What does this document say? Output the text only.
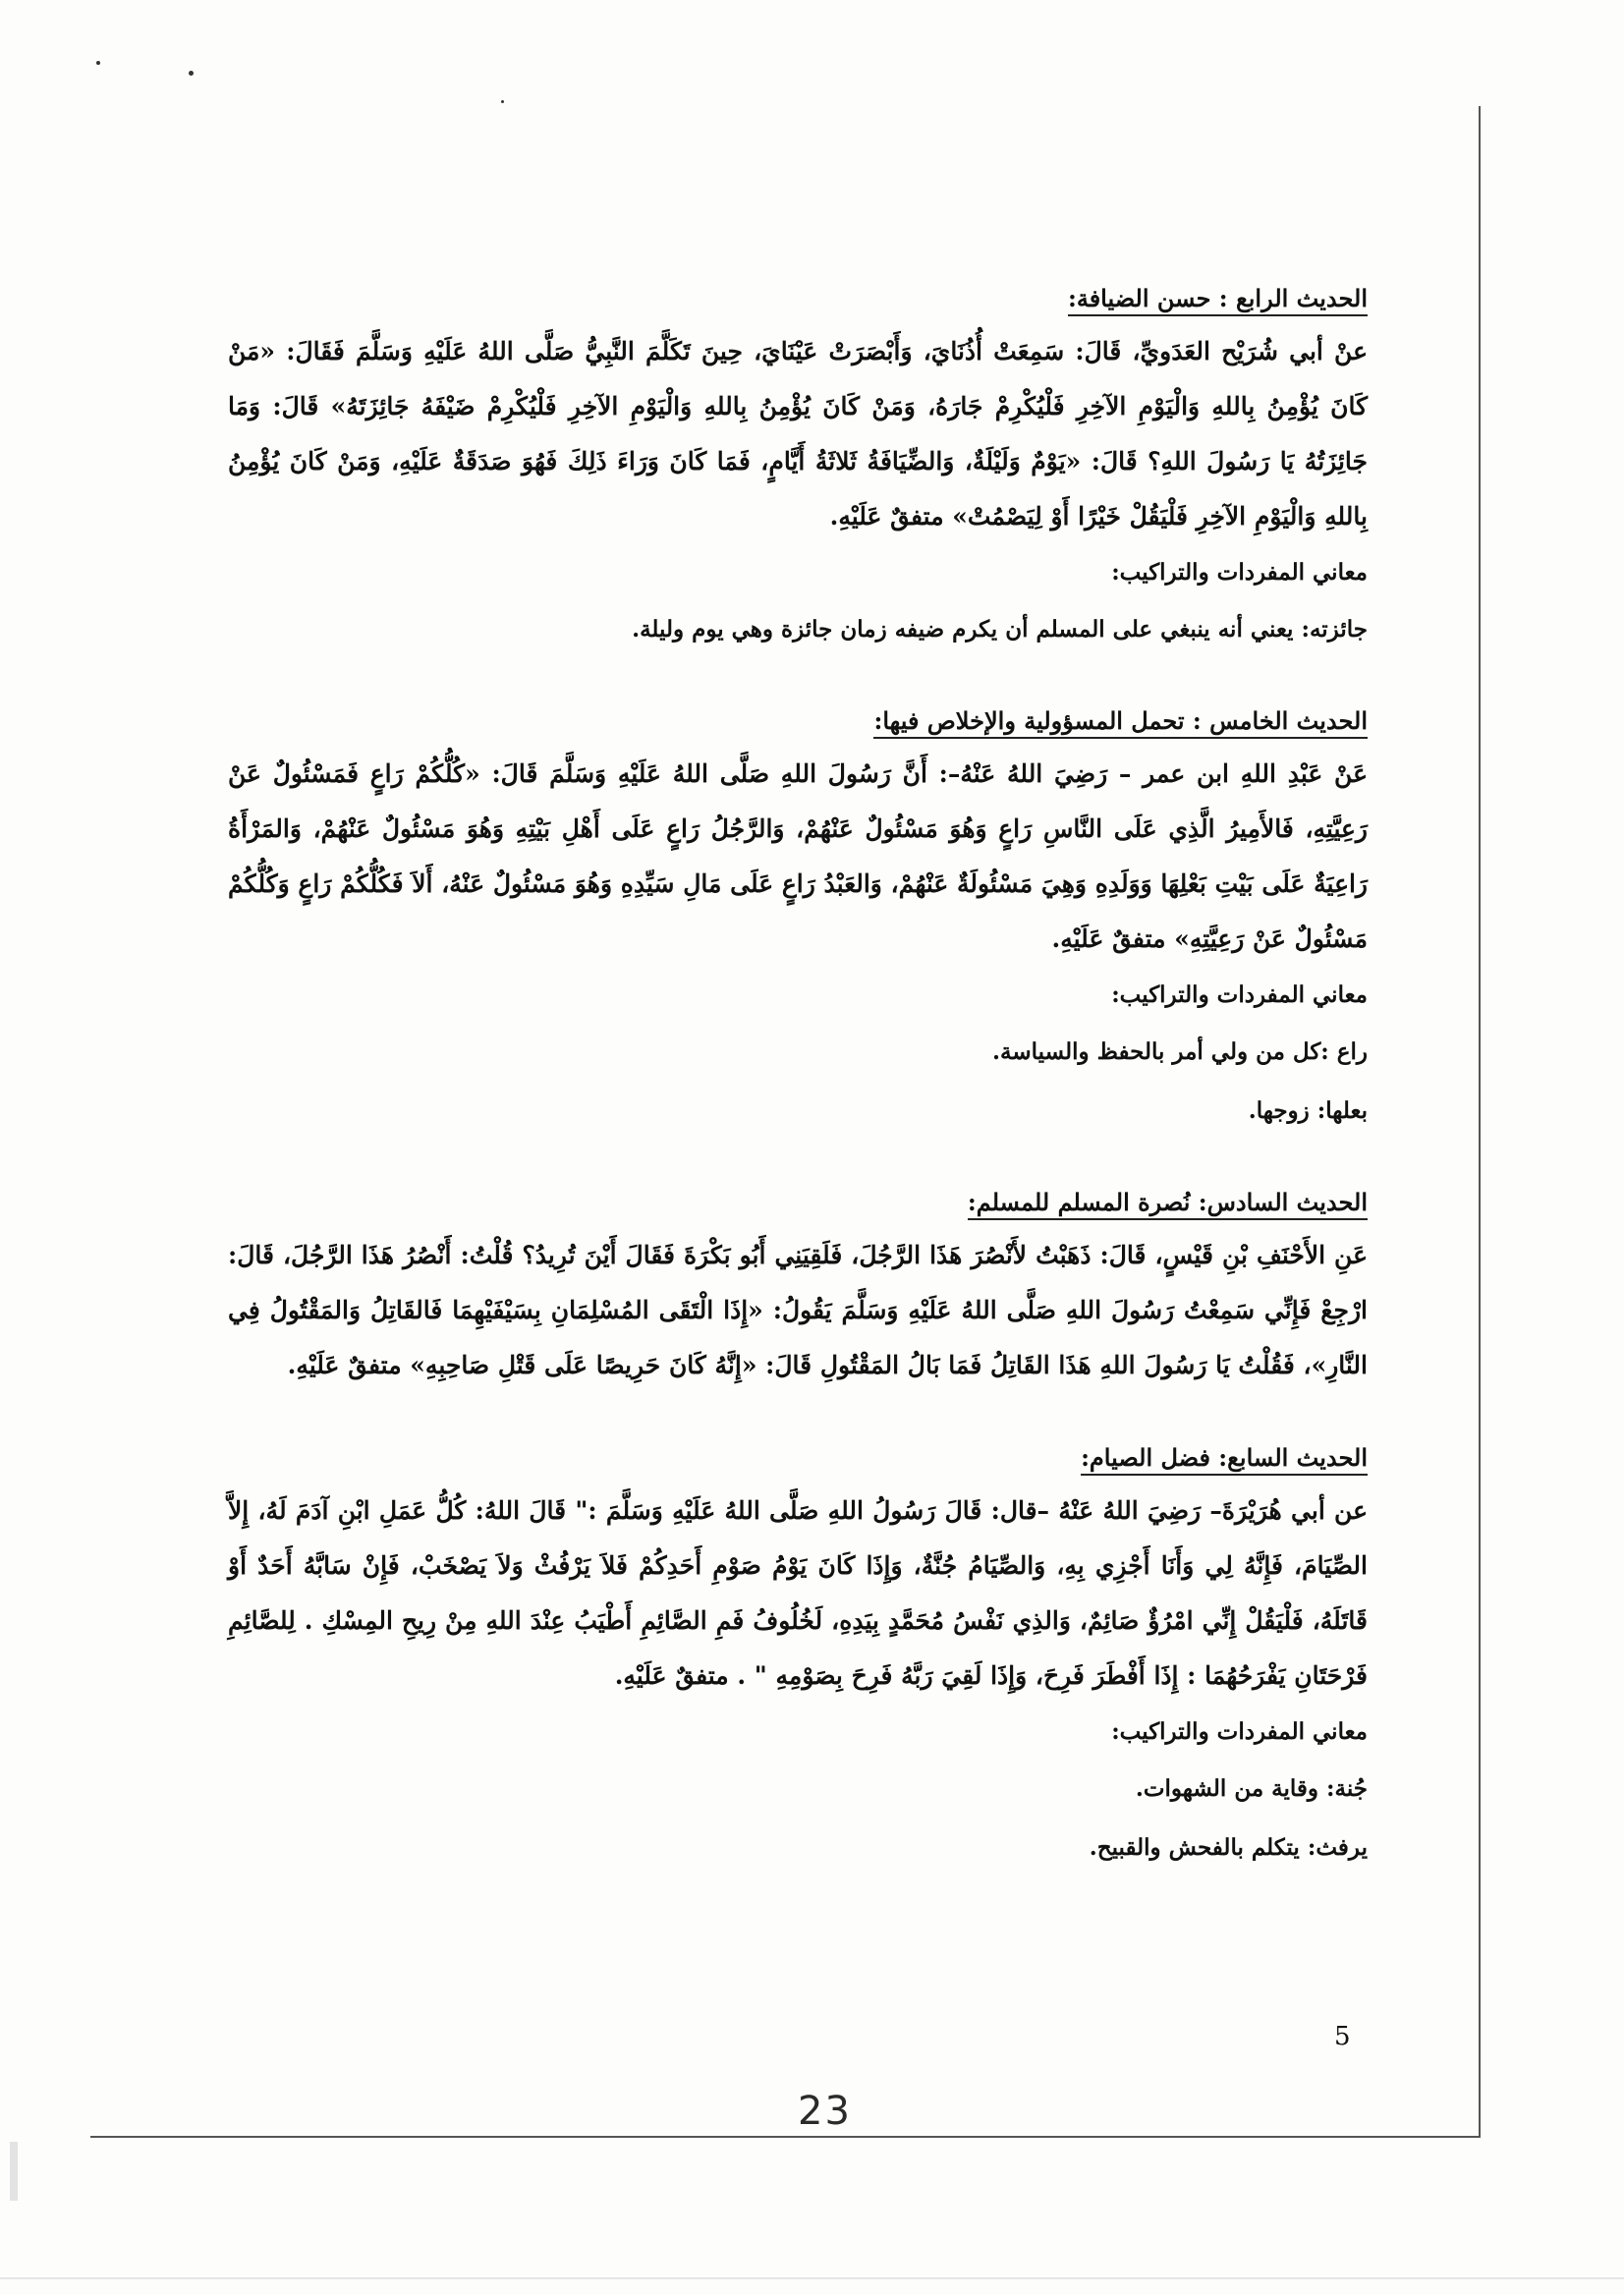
الحديث الرابع : حسن الضيافة:

عنْ أبي شُرَيْح العَدَويِّ، قَالَ: سَمِعَتْ أُذُنَايَ، وَأَبْصَرَتْ عَيْنَايَ، حِينَ تَكَلَّمَ النَّبِيُّ صَلَّى اللهُ عَلَيْهِ وَسَلَّمَ فَقَالَ: «مَنْ كَانَ يُؤْمِنُ بِاللهِ وَالْيَوْمِ الآخِرِ فَلْيُكْرِمْ جَارَهُ، وَمَنْ كَانَ يُؤْمِنُ بِاللهِ وَالْيَوْمِ الآخِرِ فَلْيُكْرِمْ ضَيْفَهُ جَائِزَتَهُ» قَالَ: وَمَا جَائِزَتُهُ يَا رَسُولَ اللهِ؟ قَالَ: «يَوْمٌ وَلَيْلَةٌ، وَالضِّيَافَةُ ثَلاثَةُ أَيَّامٍ، فَمَا كَانَ وَرَاءَ ذَلِكَ فَهُوَ صَدَقَةٌ عَلَيْهِ، وَمَنْ كَانَ يُؤْمِنُ بِاللهِ وَالْيَوْمِ الآخِرِ فَلْيَقُلْ خَيْرًا أَوْ لِيَصْمُتْ» متفقٌ عَلَيْهِ.

معاني المفردات والتراكيب:

جائزته: يعني أنه ينبغي على المسلم أن يكرم ضيفه زمان جائزة وهي يوم وليلة.

الحديث الخامس : تحمل المسؤولية والإخلاص فيها:

عَنْ عَبْدِ اللهِ ابن عمر – رَضِيَ اللهُ عَنْهُ–: أَنَّ رَسُولَ اللهِ صَلَّى اللهُ عَلَيْهِ وَسَلَّمَ قَالَ: «كُلُّكُمْ رَاعٍ فَمَسْئُولٌ عَنْ رَعِيَّتِهِ، فَالأَمِيرُ الَّذِي عَلَى النَّاسِ رَاعٍ وَهُوَ مَسْئُولٌ عَنْهُمْ، وَالرَّجُلُ رَاعٍ عَلَى أَهْلِ بَيْتِهِ وَهُوَ مَسْئُولٌ عَنْهُمْ، وَالمَرْأَةُ رَاعِيَةٌ عَلَى بَيْتِ بَعْلِهَا وَوَلَدِهِ وَهِيَ مَسْئُولَةٌ عَنْهُمْ، وَالعَبْدُ رَاعٍ عَلَى مَالِ سَيِّدِهِ وَهُوَ مَسْئُولٌ عَنْهُ، أَلاَ فَكُلُّكُمْ رَاعٍ وَكُلُّكُمْ مَسْئُولٌ عَنْ رَعِيَّتِهِ» متفقٌ عَلَيْهِ.

معاني المفردات والتراكيب:

راع :كل من ولي أمر بالحفظ والسياسة.

بعلها: زوجها.

الحديث السادس: نُصرة المسلم للمسلم:

عَنِ الأَحْنَفِ بْنِ قَيْسٍ، قَالَ: ذَهَبْتُ لأَنْصُرَ هَذَا الرَّجُلَ، فَلَقِيَنِي أَبُو بَكْرَةَ فَقَالَ أَيْنَ تُرِيدُ؟ قُلْتُ: أَنْصُرُ هَذَا الرَّجُلَ، قَالَ: ارْجِعْ فَإِنِّي سَمِعْتُ رَسُولَ اللهِ صَلَّى اللهُ عَلَيْهِ وَسَلَّمَ يَقُولُ: «إِذَا الْتَقَى المُسْلِمَانِ بِسَيْفَيْهِمَا فَالقَاتِلُ وَالمَقْتُولُ فِي النَّارِ»، فَقُلْتُ يَا رَسُولَ اللهِ هَذَا القَاتِلُ فَمَا بَالُ المَقْتُولِ قَالَ: «إِنَّهُ كَانَ حَرِيصًا عَلَى قَتْلِ صَاحِبِهِ» متفقٌ عَلَيْهِ.

الحديث السابع: فضل الصيام:

عن أبي هُرَيْرَةَ– رَضِيَ اللهُ عَنْهُ –قال: قَالَ رَسُولُ اللهِ صَلَّى اللهُ عَلَيْهِ وَسَلَّمَ :" قَالَ اللهُ: كُلُّ عَمَلِ ابْنِ آدَمَ لَهُ، إِلاَّ الصِّيَامَ، فَإِنَّهُ لِي وَأَنَا أَجْزِي بِهِ، وَالصِّيَامُ جُنَّةٌ، وَإِذَا كَانَ يَوْمُ صَوْمِ أَحَدِكُمْ فَلاَ يَرْفُثْ وَلاَ يَصْخَبْ، فَإِنْ سَابَّهُ أَحَدٌ أَوْ قَاتَلَهُ، فَلْيَقُلْ إِنِّي امْرُؤٌ صَائِمٌ، وَالذِي نَفْسُ مُحَمَّدٍ بِيَدِهِ، لَخُلُوفُ فَمِ الصَّائِمِ أَطْيَبُ عِنْدَ اللهِ مِنْ رِيحِ المِسْكِ . لِلصَّائِمِ فَرْحَتَانِ يَفْرَحُهُمَا : إِذَا أَفْطَرَ فَرِحَ، وَإِذَا لَقِيَ رَبَّهُ فَرِحَ بِصَوْمِهِ " . متفقٌ عَلَيْهِ.

معاني المفردات والتراكيب:

جُنة: وقاية من الشهوات.

يرفث: يتكلم بالفحش والقبيح.

5
23
